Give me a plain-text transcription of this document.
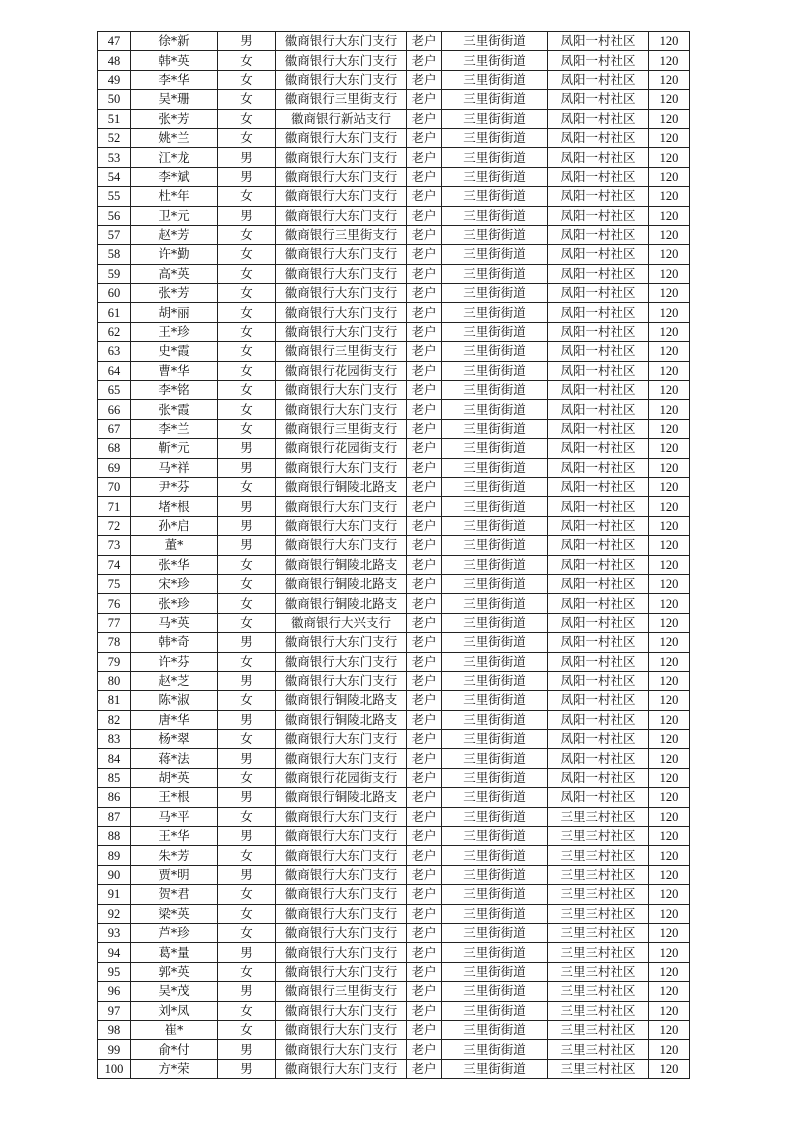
47	徐*新	男	徽商银行大东门支行	老户	三里街街道	凤阳一村社区	120
48	韩*英	女	徽商银行大东门支行	老户	三里街街道	凤阳一村社区	120
49	李*华	女	徽商银行大东门支行	老户	三里街街道	凤阳一村社区	120
50	吴*珊	女	徽商银行三里街支行	老户	三里街街道	凤阳一村社区	120
51	张*芳	女	徽商银行新站支行	老户	三里街街道	凤阳一村社区	120
52	姚*兰	女	徽商银行大东门支行	老户	三里街街道	凤阳一村社区	120
53	江*龙	男	徽商银行大东门支行	老户	三里街街道	凤阳一村社区	120
54	李*斌	男	徽商银行大东门支行	老户	三里街街道	凤阳一村社区	120
55	杜*年	女	徽商银行大东门支行	老户	三里街街道	凤阳一村社区	120
56	卫*元	男	徽商银行大东门支行	老户	三里街街道	凤阳一村社区	120
57	赵*芳	女	徽商银行三里街支行	老户	三里街街道	凤阳一村社区	120
58	许*勤	女	徽商银行大东门支行	老户	三里街街道	凤阳一村社区	120
59	高*英	女	徽商银行大东门支行	老户	三里街街道	凤阳一村社区	120
60	张*芳	女	徽商银行大东门支行	老户	三里街街道	凤阳一村社区	120
61	胡*丽	女	徽商银行大东门支行	老户	三里街街道	凤阳一村社区	120
62	王*珍	女	徽商银行大东门支行	老户	三里街街道	凤阳一村社区	120
63	史*霞	女	徽商银行三里街支行	老户	三里街街道	凤阳一村社区	120
64	曹*华	女	徽商银行花园街支行	老户	三里街街道	凤阳一村社区	120
65	李*铭	女	徽商银行大东门支行	老户	三里街街道	凤阳一村社区	120
66	张*霞	女	徽商银行大东门支行	老户	三里街街道	凤阳一村社区	120
67	李*兰	女	徽商银行三里街支行	老户	三里街街道	凤阳一村社区	120
68	靳*元	男	徽商银行花园街支行	老户	三里街街道	凤阳一村社区	120
69	马*祥	男	徽商银行大东门支行	老户	三里街街道	凤阳一村社区	120
70	尹*芬	女	徽商银行铜陵北路支	老户	三里街街道	凤阳一村社区	120
71	堵*根	男	徽商银行大东门支行	老户	三里街街道	凤阳一村社区	120
72	孙*启	男	徽商银行大东门支行	老户	三里街街道	凤阳一村社区	120
73	董*	男	徽商银行大东门支行	老户	三里街街道	凤阳一村社区	120
74	张*华	女	徽商银行铜陵北路支	老户	三里街街道	凤阳一村社区	120
75	宋*珍	女	徽商银行铜陵北路支	老户	三里街街道	凤阳一村社区	120
76	张*珍	女	徽商银行铜陵北路支	老户	三里街街道	凤阳一村社区	120
77	马*英	女	徽商银行大兴支行	老户	三里街街道	凤阳一村社区	120
78	韩*奇	男	徽商银行大东门支行	老户	三里街街道	凤阳一村社区	120
79	许*芬	女	徽商银行大东门支行	老户	三里街街道	凤阳一村社区	120
80	赵*芝	男	徽商银行大东门支行	老户	三里街街道	凤阳一村社区	120
81	陈*淑	女	徽商银行铜陵北路支	老户	三里街街道	凤阳一村社区	120
82	唐*华	男	徽商银行铜陵北路支	老户	三里街街道	凤阳一村社区	120
83	杨*翠	女	徽商银行大东门支行	老户	三里街街道	凤阳一村社区	120
84	蒋*法	男	徽商银行大东门支行	老户	三里街街道	凤阳一村社区	120
85	胡*英	女	徽商银行花园街支行	老户	三里街街道	凤阳一村社区	120
86	王*根	男	徽商银行铜陵北路支	老户	三里街街道	凤阳一村社区	120
87	马*平	女	徽商银行大东门支行	老户	三里街街道	三里三村社区	120
88	王*华	男	徽商银行大东门支行	老户	三里街街道	三里三村社区	120
89	朱*芳	女	徽商银行大东门支行	老户	三里街街道	三里三村社区	120
90	贾*明	男	徽商银行大东门支行	老户	三里街街道	三里三村社区	120
91	贺*君	女	徽商银行大东门支行	老户	三里街街道	三里三村社区	120
92	梁*英	女	徽商银行大东门支行	老户	三里街街道	三里三村社区	120
93	芦*珍	女	徽商银行大东门支行	老户	三里街街道	三里三村社区	120
94	葛*量	男	徽商银行大东门支行	老户	三里街街道	三里三村社区	120
95	郭*英	女	徽商银行大东门支行	老户	三里街街道	三里三村社区	120
96	吴*茂	男	徽商银行三里街支行	老户	三里街街道	三里三村社区	120
97	刘*凤	女	徽商银行大东门支行	老户	三里街街道	三里三村社区	120
98	崔*	女	徽商银行大东门支行	老户	三里街街道	三里三村社区	120
99	俞*付	男	徽商银行大东门支行	老户	三里街街道	三里三村社区	120
100	方*荣	男	徽商银行大东门支行	老户	三里街街道	三里三村社区	120
